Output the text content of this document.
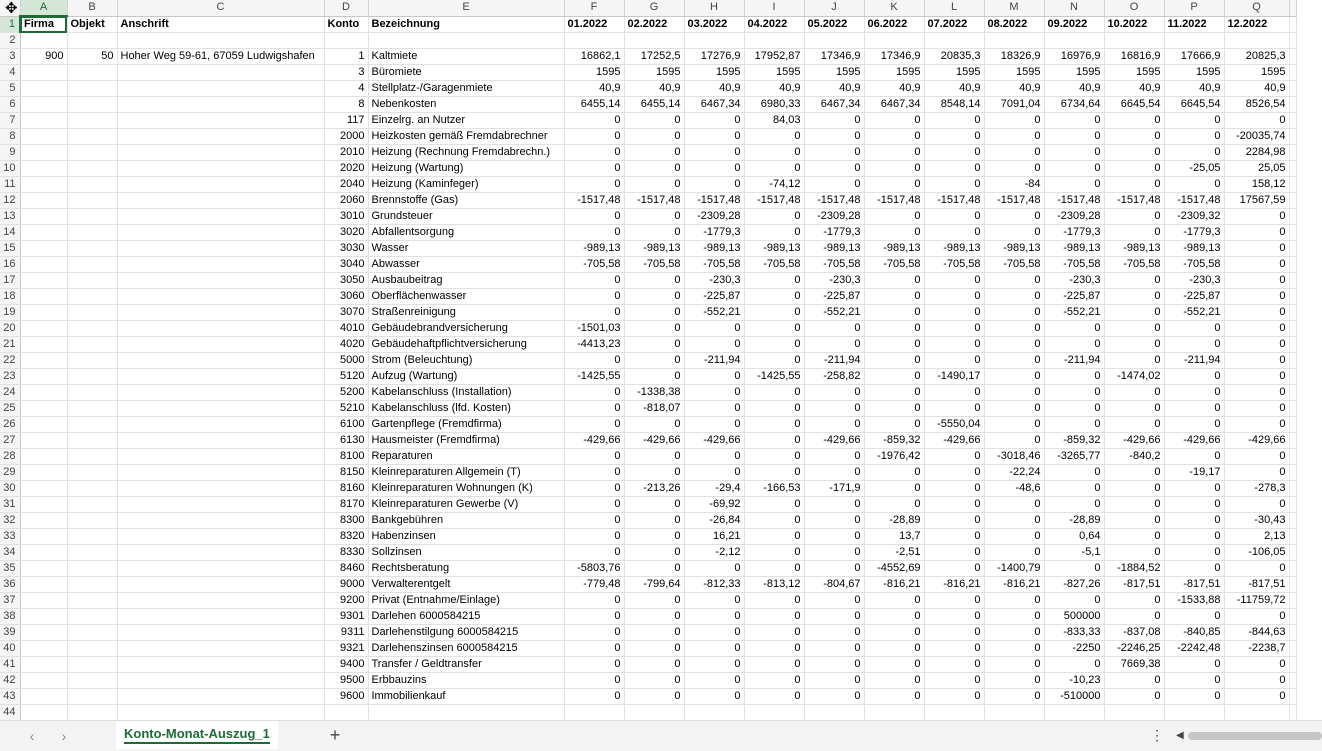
	A	B	C	D	E	F	G	H	I	J	K	L	M	N	O	P	Q	
1	Firma	Objekt	Anschrift	Konto	Bezeichnung	01.2022	02.2022	03.2022	04.2022	05.2022	06.2022	07.2022	08.2022	09.2022	10.2022	11.2022	12.2022	
2																		
3	900	50	Hoher Weg 59-61, 67059 Ludwigshafen	1	Kaltmiete	16862,1	17252,5	17276,9	17952,87	17346,9	17346,9	20835,3	18326,9	16976,9	16816,9	17666,9	20825,3	
4				3	Büromiete	1595	1595	1595	1595	1595	1595	1595	1595	1595	1595	1595	1595	
5				4	Stellplatz-/Garagenmiete	40,9	40,9	40,9	40,9	40,9	40,9	40,9	40,9	40,9	40,9	40,9	40,9	
6				8	Nebenkosten	6455,14	6455,14	6467,34	6980,33	6467,34	6467,34	8548,14	7091,04	6734,64	6645,54	6645,54	8526,54	
7				117	Einzelrg. an Nutzer	0	0	0	84,03	0	0	0	0	0	0	0	0	
8				2000	Heizkosten gemäß Fremdabrechner	0	0	0	0	0	0	0	0	0	0	0	-20035,74	
9				2010	Heizung (Rechnung Fremdabrechn.)	0	0	0	0	0	0	0	0	0	0	0	2284,98	
10				2020	Heizung (Wartung)	0	0	0	0	0	0	0	0	0	0	-25,05	25,05	
11				2040	Heizung (Kaminfeger)	0	0	0	-74,12	0	0	0	-84	0	0	0	158,12	
12				2060	Brennstoffe (Gas)	-1517,48	-1517,48	-1517,48	-1517,48	-1517,48	-1517,48	-1517,48	-1517,48	-1517,48	-1517,48	-1517,48	17567,59	
13				3010	Grundsteuer	0	0	-2309,28	0	-2309,28	0	0	0	-2309,28	0	-2309,32	0	
14				3020	Abfallentsorgung	0	0	-1779,3	0	-1779,3	0	0	0	-1779,3	0	-1779,3	0	
15				3030	Wasser	-989,13	-989,13	-989,13	-989,13	-989,13	-989,13	-989,13	-989,13	-989,13	-989,13	-989,13	0	
16				3040	Abwasser	-705,58	-705,58	-705,58	-705,58	-705,58	-705,58	-705,58	-705,58	-705,58	-705,58	-705,58	0	
17				3050	Ausbaubeitrag	0	0	-230,3	0	-230,3	0	0	0	-230,3	0	-230,3	0	
18				3060	Oberflächenwasser	0	0	-225,87	0	-225,87	0	0	0	-225,87	0	-225,87	0	
19				3070	Straßenreinigung	0	0	-552,21	0	-552,21	0	0	0	-552,21	0	-552,21	0	
20				4010	Gebäudebrandversicherung	-1501,03	0	0	0	0	0	0	0	0	0	0	0	
21				4020	Gebäudehaftpflichtversicherung	-4413,23	0	0	0	0	0	0	0	0	0	0	0	
22				5000	Strom (Beleuchtung)	0	0	-211,94	0	-211,94	0	0	0	-211,94	0	-211,94	0	
23				5120	Aufzug (Wartung)	-1425,55	0	0	-1425,55	-258,82	0	-1490,17	0	0	-1474,02	0	0	
24				5200	Kabelanschluss (Installation)	0	-1338,38	0	0	0	0	0	0	0	0	0	0	
25				5210	Kabelanschluss (lfd. Kosten)	0	-818,07	0	0	0	0	0	0	0	0	0	0	
26				6100	Gartenpflege (Fremdfirma)	0	0	0	0	0	0	-5550,04	0	0	0	0	0	
27				6130	Hausmeister (Fremdfirma)	-429,66	-429,66	-429,66	0	-429,66	-859,32	-429,66	0	-859,32	-429,66	-429,66	-429,66	
28				8100	Reparaturen	0	0	0	0	0	-1976,42	0	-3018,46	-3265,77	-840,2	0	0	
29				8150	Kleinreparaturen Allgemein (T)	0	0	0	0	0	0	0	-22,24	0	0	-19,17	0	
30				8160	Kleinreparaturen Wohnungen (K)	0	-213,26	-29,4	-166,53	-171,9	0	0	-48,6	0	0	0	-278,3	
31				8170	Kleinreparaturen Gewerbe (V)	0	0	-69,92	0	0	0	0	0	0	0	0	0	
32				8300	Bankgebühren	0	0	-26,84	0	0	-28,89	0	0	-28,89	0	0	-30,43	
33				8320	Habenzinsen	0	0	16,21	0	0	13,7	0	0	0,64	0	0	2,13	
34				8330	Sollzinsen	0	0	-2,12	0	0	-2,51	0	0	-5,1	0	0	-106,05	
35				8460	Rechtsberatung	-5803,76	0	0	0	0	-4552,69	0	-1400,79	0	-1884,52	0	0	
36				9000	Verwalterentgelt	-779,48	-799,64	-812,33	-813,12	-804,67	-816,21	-816,21	-816,21	-827,26	-817,51	-817,51	-817,51	
37				9200	Privat (Entnahme/Einlage)	0	0	0	0	0	0	0	0	0	0	-1533,88	-11759,72	
38				9301	Darlehen 6000584215	0	0	0	0	0	0	0	0	500000	0	0	0	
39				9311	Darlehenstilgung 6000584215	0	0	0	0	0	0	0	0	-833,33	-837,08	-840,85	-844,63	
40				9321	Darlehenszinsen 6000584215	0	0	0	0	0	0	0	0	-2250	-2246,25	-2242,48	-2238,7	
41				9400	Transfer / Geldtransfer	0	0	0	0	0	0	0	0	0	7669,38	0	0	
42				9500	Erbbauzins	0	0	0	0	0	0	0	0	-10,23	0	0	0	
43				9600	Immobilienkauf	0	0	0	0	0	0	0	0	-510000	0	0	0	
44																		
‹	›	Konto-Monat-Auszug_1	+	⋮ ◀
✥
